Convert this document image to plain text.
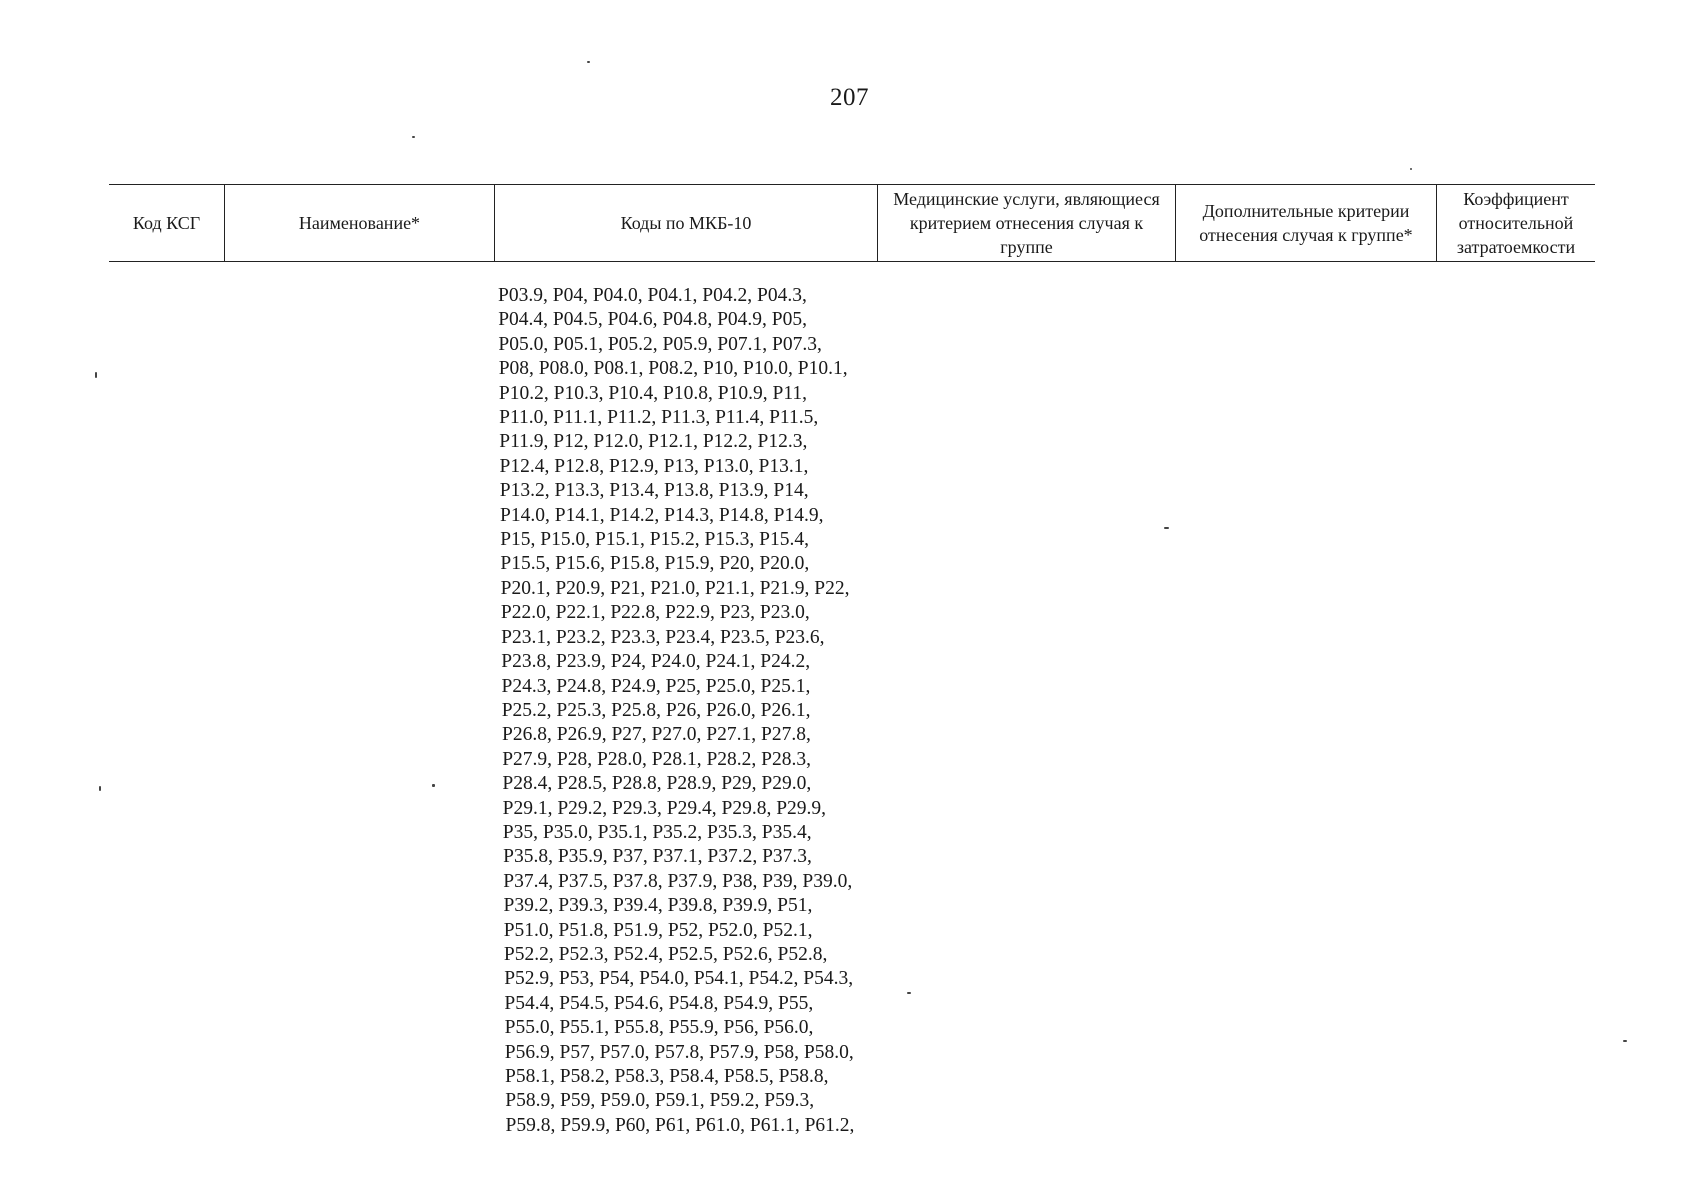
207
Код КСГ	Наименование*	Коды по МКБ-10
Медицинские услуги, являющиеся критерием отнесения случая к группе
Дополнительные критерии отнесения случая к группе*
Коэффициент относительной затратоемкости
P03.9, P04, P04.0, P04.1, P04.2, P04.3,
P04.4, P04.5, P04.6, P04.8, P04.9, P05,
P05.0, P05.1, P05.2, P05.9, P07.1, P07.3,
P08, P08.0, P08.1, P08.2, P10, P10.0, P10.1,
P10.2, P10.3, P10.4, P10.8, P10.9, P11,
P11.0, P11.1, P11.2, P11.3, P11.4, P11.5,
P11.9, P12, P12.0, P12.1, P12.2, P12.3,
P12.4, P12.8, P12.9, P13, P13.0, P13.1,
P13.2, P13.3, P13.4, P13.8, P13.9, P14,
P14.0, P14.1, P14.2, P14.3, P14.8, P14.9,
P15, P15.0, P15.1, P15.2, P15.3, P15.4,
P15.5, P15.6, P15.8, P15.9, P20, P20.0,
P20.1, P20.9, P21, P21.0, P21.1, P21.9, P22,
P22.0, P22.1, P22.8, P22.9, P23, P23.0,
P23.1, P23.2, P23.3, P23.4, P23.5, P23.6,
P23.8, P23.9, P24, P24.0, P24.1, P24.2,
P24.3, P24.8, P24.9, P25, P25.0, P25.1,
P25.2, P25.3, P25.8, P26, P26.0, P26.1,
P26.8, P26.9, P27, P27.0, P27.1, P27.8,
P27.9, P28, P28.0, P28.1, P28.2, P28.3,
P28.4, P28.5, P28.8, P28.9, P29, P29.0,
P29.1, P29.2, P29.3, P29.4, P29.8, P29.9,
P35, P35.0, P35.1, P35.2, P35.3, P35.4,
P35.8, P35.9, P37, P37.1, P37.2, P37.3,
P37.4, P37.5, P37.8, P37.9, P38, P39, P39.0,
P39.2, P39.3, P39.4, P39.8, P39.9, P51,
P51.0, P51.8, P51.9, P52, P52.0, P52.1,
P52.2, P52.3, P52.4, P52.5, P52.6, P52.8,
P52.9, P53, P54, P54.0, P54.1, P54.2, P54.3,
P54.4, P54.5, P54.6, P54.8, P54.9, P55,
P55.0, P55.1, P55.8, P55.9, P56, P56.0,
P56.9, P57, P57.0, P57.8, P57.9, P58, P58.0,
P58.1, P58.2, P58.3, P58.4, P58.5, P58.8,
P58.9, P59, P59.0, P59.1, P59.2, P59.3,
P59.8, P59.9, P60, P61, P61.0, P61.1, P61.2,
